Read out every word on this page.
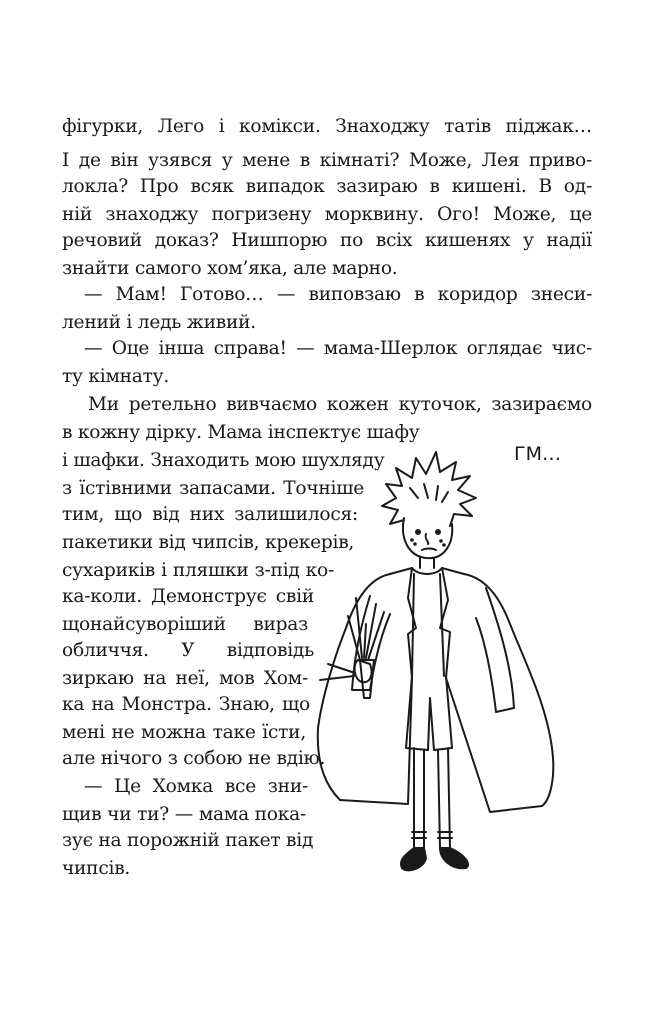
фігурки, Лего і комікси. Знаходжу татів піджак…

І де він узявся у мене в кімнаті? Може, Лея приво-

локла? Про всяк випадок зазираю в кишені. В од-

ній знаходжу погризену морквину. Ого! Може, це

речовий доказ? Нишпорю по всіх кишенях у надії

знайти самого хом’яка, але марно.

— Мам! Готово… — виповзаю в коридор знеси-

лений і ледь живий.

— Оце інша справа! — мама-Шерлок оглядає чис-

ту кімнату.

Ми ретельно вивчаємо кожен куточок, зазираємо

в кожну дірку. Мама інспектує шафу

і шафки. Знаходить мою шухляду

з їстівними запасами. Точніше

тим, що від них залишилося:

пакетики від чипсів, крекерів,

сухариків і пляшки з-під ко-

ка-коли. Демонструє свій

щонайсуворіший вираз

обличчя. У відповідь

зиркаю на неї, мов Хом-

ка на Монстра. Знаю, що

мені не можна таке їсти,

але нічого з собою не вдію.

— Це Хомка все зни-

щив чи ти? — мама пока-

зує на порожній пакет від

чипсів.

ГМ…
